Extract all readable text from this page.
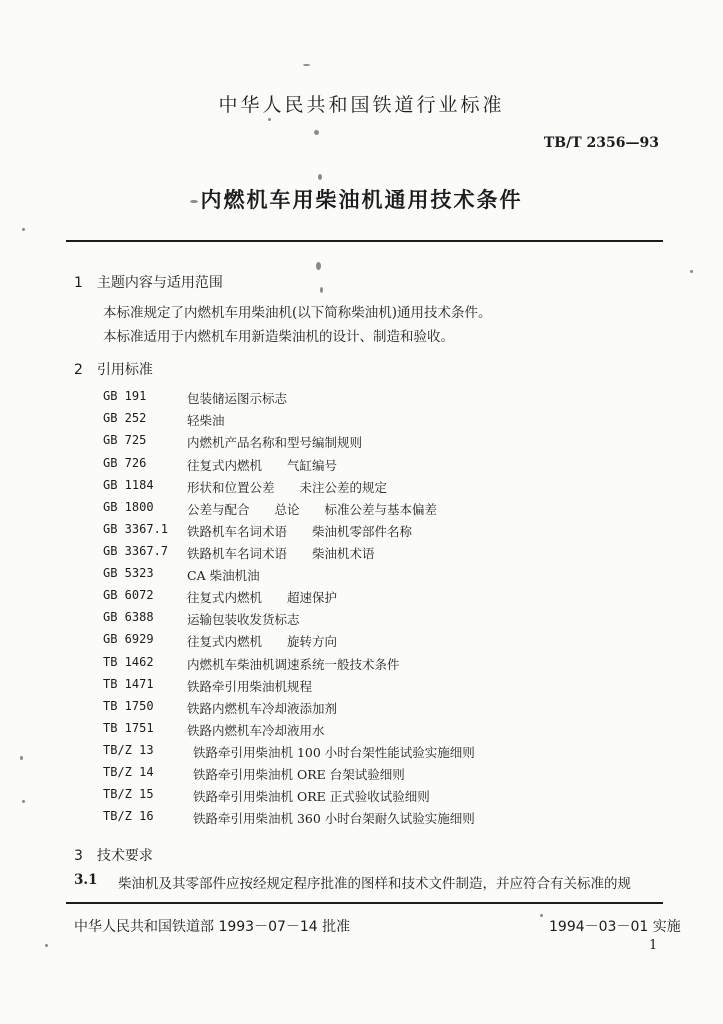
中华人民共和国铁道行业标准
TB/T 2356—93
内燃机车用柴油机通用技术条件
1　主题内容与适用范围
本标准规定了内燃机车用柴油机(以下简称柴油机)通用技术条件。
本标准适用于内燃机车用新造柴油机的设计、制造和验收。
2　引用标准
GB 191	包装储运图示标志
GB 252	轻柴油
GB 725	内燃机产品名称和型号编制规则
GB 726	往复式内燃机　　气缸编号
GB 1184	形状和位置公差　　未注公差的规定
GB 1800	公差与配合　　总论　　标准公差与基本偏差
GB 3367.1 铁路机车名词术语　　柴油机零部件名称
GB 3367.7 铁路机车名词术语　　柴油机术语
GB 5323	CA 柴油机油
GB 6072	往复式内燃机　　超速保护
GB 6388	运输包装收发货标志
GB 6929	往复式内燃机　　旋转方向
TB 1462	内燃机车柴油机调速系统一般技术条件
TB 1471	铁路牵引用柴油机规程
TB 1750	铁路内燃机车冷却液添加剂
TB 1751	铁路内燃机车冷却液用水
TB/Z 13	铁路牵引用柴油机 100 小时台架性能试验实施细则
TB/Z 14	铁路牵引用柴油机 ORE 台架试验细则
TB/Z 15	铁路牵引用柴油机 ORE 正式验收试验细则
TB/Z 16	铁路牵引用柴油机 360 小时台架耐久试验实施细则
3　技术要求
3.1 柴油机及其零部件应按经规定程序批准的图样和技术文件制造，并应符合有关标准的规
中华人民共和国铁道部 1993－07－14 批准	1994－03－01 实施
1
